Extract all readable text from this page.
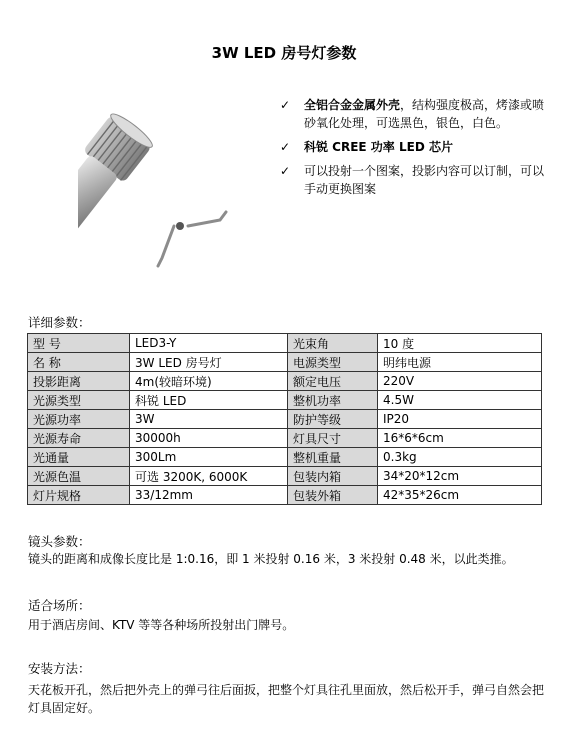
3W LED 房号灯参数
✓ 全铝合金金属外壳，结构强度极高，烤漆或喷砂氧化处理，可选黑色，银色，白色。
✓ 科锐 CREE 功率 LED 芯片
✓ 可以投射一个图案，投影内容可以订制，可以手动更换图案
详细参数：
型 号	LED3-Y	光束角	10 度
名 称	3W LED 房号灯	电源类型	明纬电源
投影距离	4m(较暗环境)	额定电压	220V
光源类型	科锐 LED	整机功率	4.5W
光源功率	3W	防护等级	IP20
光源寿命	30000h	灯具尺寸	16*6*6cm
光通量	300Lm	整机重量	0.3kg
光源色温	可选 3200K, 6000K	包装内箱	34*20*12cm
灯片规格	33/12mm	包装外箱	42*35*26cm
镜头参数：
镜头的距离和成像长度比是 1:0.16，即 1 米投射 0.16 米，3 米投射 0.48 米，以此类推。
适合场所：
用于酒店房间、KTV 等等各种场所投射出门牌号。
安装方法：
天花板开孔，然后把外壳上的弹弓往后面扳，把整个灯具往孔里面放，然后松开手，弹弓自然会把灯具固定好。
